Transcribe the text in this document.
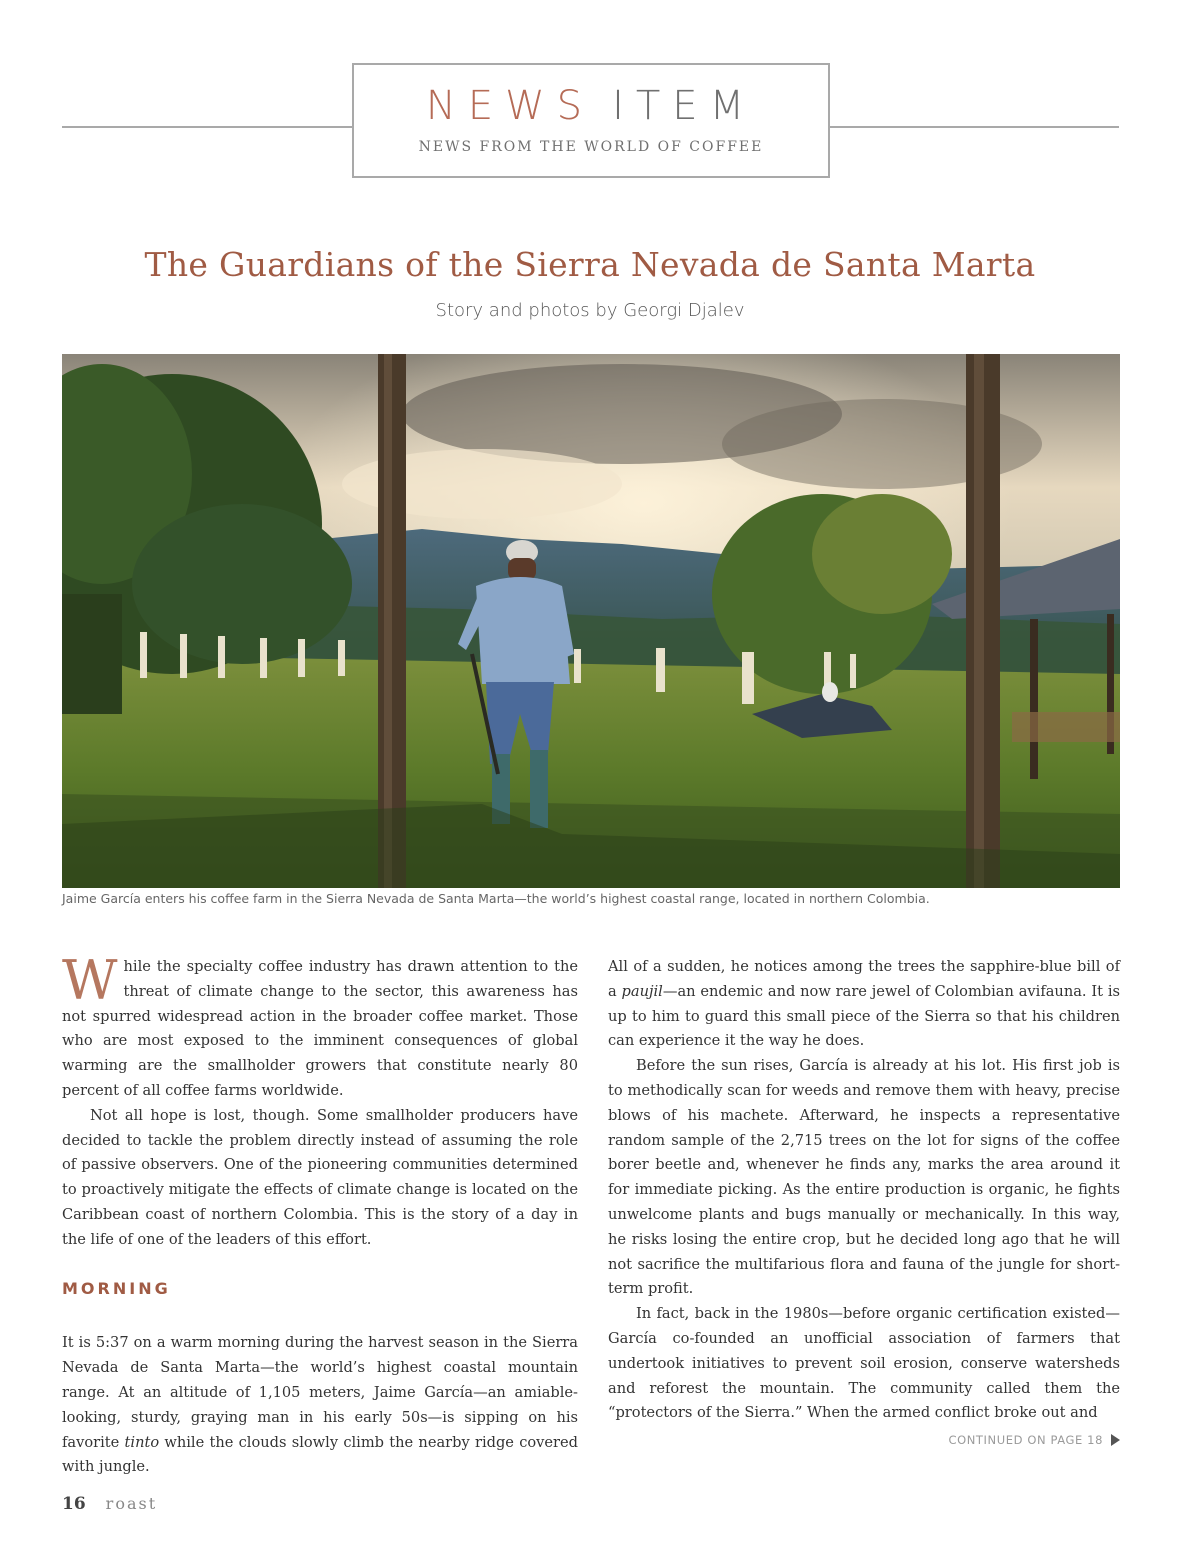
NEWS ITEM
NEWS FROM THE WORLD OF COFFEE
The Guardians of the Sierra Nevada de Santa Marta
Story and photos by Georgi Djalev
Jaime García enters his coffee farm in the Sierra Nevada de Santa Marta—the world’s highest coastal range, located in northern Colombia.

While the specialty coffee industry has drawn attention to the threat of climate change to the sector, this awareness has not spurred widespread action in the broader coffee market. Those who are most exposed to the imminent consequences of global warming are the smallholder growers that constitute nearly 80 percent of all coffee farms worldwide.

Not all hope is lost, though. Some smallholder producers have decided to tackle the problem directly instead of assuming the role of passive observers. One of the pioneering communities determined to proactively mitigate the effects of climate change is located on the Caribbean coast of northern Colombia. This is the story of a day in the life of one of the leaders of this effort.

MORNING

It is 5:37 on a warm morning during the harvest season in the Sierra Nevada de Santa Marta—the world’s highest coastal mountain range. At an altitude of 1,105 meters, Jaime García—an amiable-looking, sturdy, graying man in his early 50s—is sipping on his favorite tinto while the clouds slowly climb the nearby ridge covered with jungle.

All of a sudden, he notices among the trees the sapphire-blue bill of a paujil—an endemic and now rare jewel of Colombian avifauna. It is up to him to guard this small piece of the Sierra so that his children can experience it the way he does.

Before the sun rises, García is already at his lot. His first job is to methodically scan for weeds and remove them with heavy, precise blows of his machete. Afterward, he inspects a representative random sample of the 2,715 trees on the lot for signs of the coffee borer beetle and, whenever he finds any, marks the area around it for immediate picking. As the entire production is organic, he fights unwelcome plants and bugs manually or mechanically. In this way, he risks losing the entire crop, but he decided long ago that he will not sacrifice the multifarious flora and fauna of the jungle for short-term profit.

In fact, back in the 1980s—before organic certification existed—García co-founded an unofficial association of farmers that undertook initiatives to prevent soil erosion, conserve watersheds and reforest the mountain. The community called them the “protectors of the Sierra.” When the armed conflict broke out and

CONTINUED ON PAGE 18
16 roast
